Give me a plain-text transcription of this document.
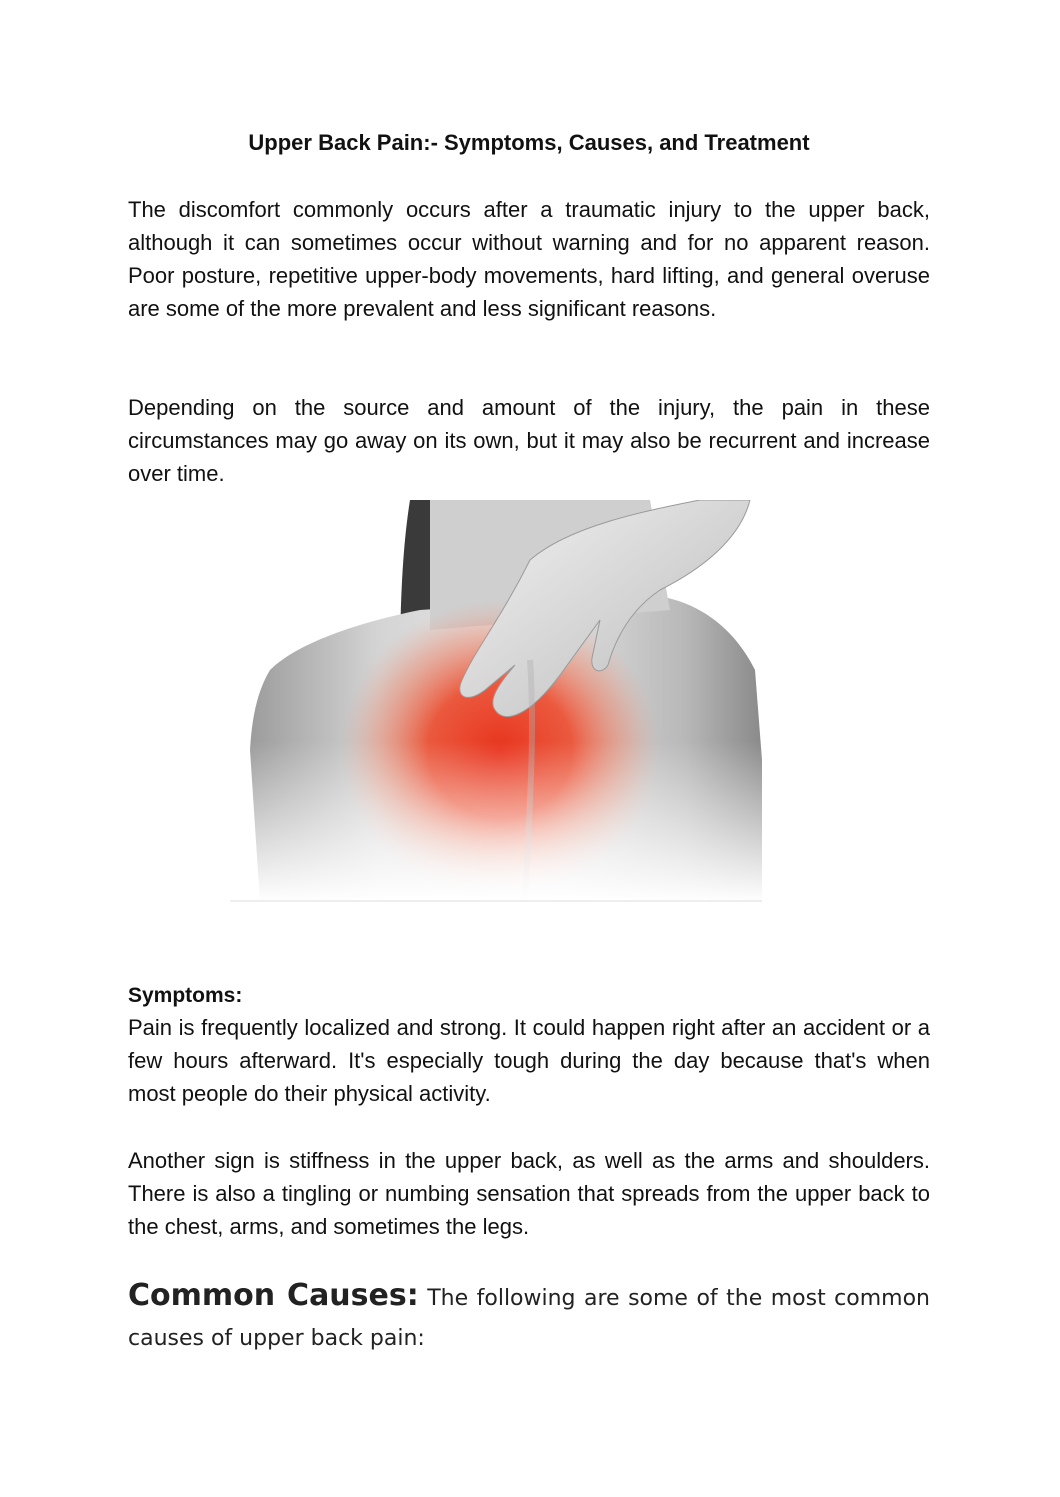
Upper Back Pain:- Symptoms, Causes, and Treatment

The discomfort commonly occurs after a traumatic injury to the upper back, although it can sometimes occur without warning and for no apparent reason. Poor posture, repetitive upper-body movements, hard lifting, and general overuse are some of the more prevalent and less significant reasons.

Depending on the source and amount of the injury, the pain in these circumstances may go away on its own, but it may also be recurrent and increase over time.

Symptoms:

Pain is frequently localized and strong. It could happen right after an accident or a few hours afterward. It's especially tough during the day because that's when most people do their physical activity.

Another sign is stiffness in the upper back, as well as the arms and shoulders. There is also a tingling or numbing sensation that spreads from the upper back to the chest, arms, and sometimes the legs.

Common Causes: The following are some of the most common causes of upper back pain:
